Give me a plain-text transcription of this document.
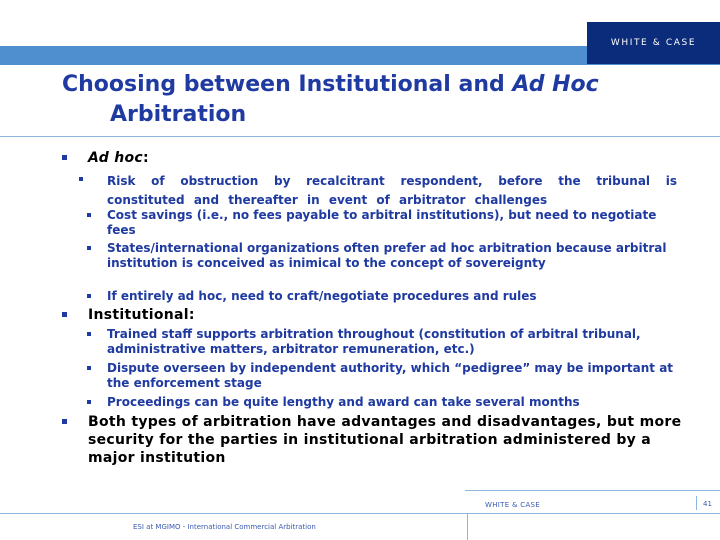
WHITE & CASE
Choosing between Institutional and Ad Hoc
Arbitration
Ad hoc:
Risk of obstruction by recalcitrant respondent, before the tribunal is constituted and thereafter in event of arbitrator challenges
Cost savings (i.e., no fees payable to arbitral institutions), but need to negotiate fees
States/international organizations often prefer ad hoc arbitration because arbitral institution is conceived as inimical to the concept of sovereignty
If entirely ad hoc, need to craft/negotiate procedures and rules
Institutional:
Trained staff supports arbitration throughout (constitution of arbitral tribunal, administrative matters, arbitrator remuneration, etc.)
Dispute overseen by independent authority, which “pedigree” may be important at the enforcement stage
Proceedings can be quite lengthy and award can take several months
Both types of arbitration have advantages and disadvantages, but more security for the parties in institutional arbitration administered by a major institution
WHITE & CASE	41
ESI at MGIMO - International Commercial Arbitration
